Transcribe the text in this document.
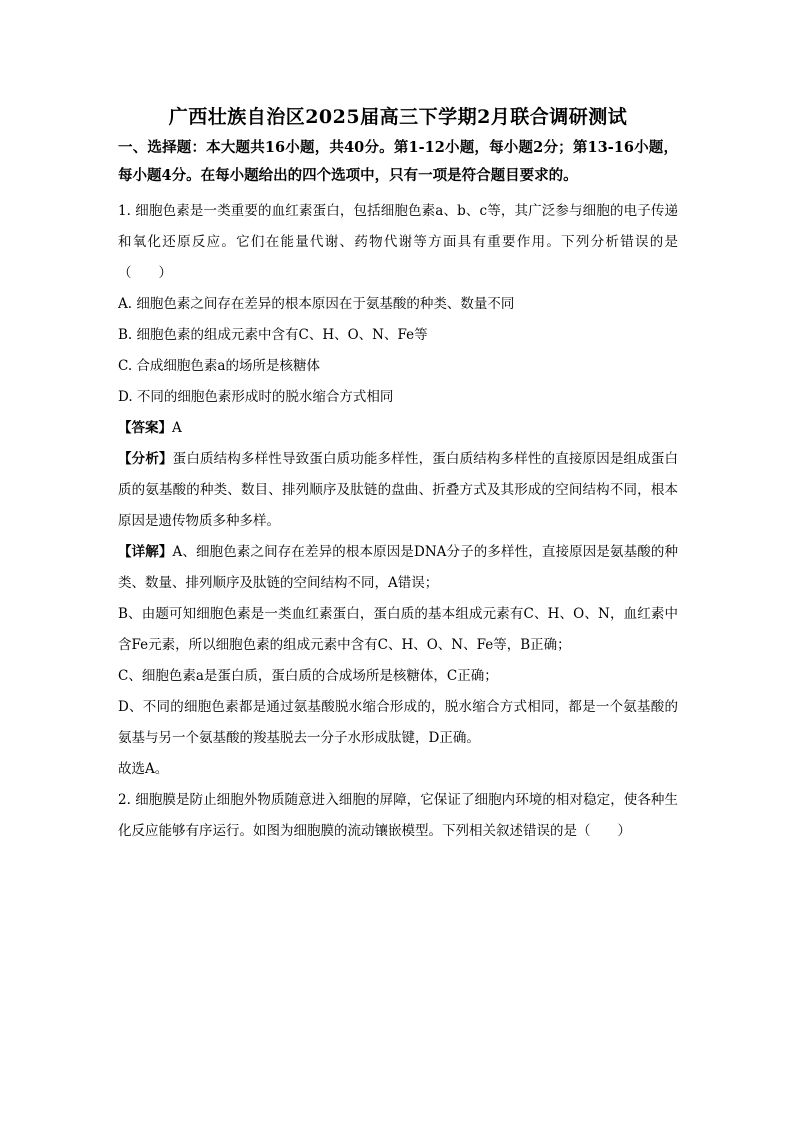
广西壮族自治区2025届高三下学期2月联合调研测试

一、选择题：本大题共16小题，共40分。第1-12小题，每小题2分；第13-16小题，每小题4分。在每小题给出的四个选项中，只有一项是符合题目要求的。

1. 细胞色素是一类重要的血红素蛋白，包括细胞色素a、b、c等，其广泛参与细胞的电子传递和氧化还原反应。它们在能量代谢、药物代谢等方面具有重要作用。下列分析错误的是（　　）

A. 细胞色素之间存在差异的根本原因在于氨基酸的种类、数量不同

B. 细胞色素的组成元素中含有C、H、O、N、Fe等

C. 合成细胞色素a的场所是核糖体

D. 不同的细胞色素形成时的脱水缩合方式相同

【答案】A

【分析】蛋白质结构多样性导致蛋白质功能多样性，蛋白质结构多样性的直接原因是组成蛋白质的氨基酸的种类、数目、排列顺序及肽链的盘曲、折叠方式及其形成的空间结构不同，根本原因是遗传物质多种多样。

【详解】A、细胞色素之间存在差异的根本原因是DNA分子的多样性，直接原因是氨基酸的种类、数量、排列顺序及肽链的空间结构不同，A错误；

B、由题可知细胞色素是一类血红素蛋白，蛋白质的基本组成元素有C、H、O、N，血红素中含Fe元素，所以细胞色素的组成元素中含有C、H、O、N、Fe等，B正确；

C、细胞色素a是蛋白质，蛋白质的合成场所是核糖体，C正确；

D、不同的细胞色素都是通过氨基酸脱水缩合形成的，脱水缩合方式相同，都是一个氨基酸的氨基与另一个氨基酸的羧基脱去一分子水形成肽键，D正确。

故选A。

2. 细胞膜是防止细胞外物质随意进入细胞的屏障，它保证了细胞内环境的相对稳定，使各种生化反应能够有序运行。如图为细胞膜的流动镶嵌模型。下列相关叙述错误的是（　　）
